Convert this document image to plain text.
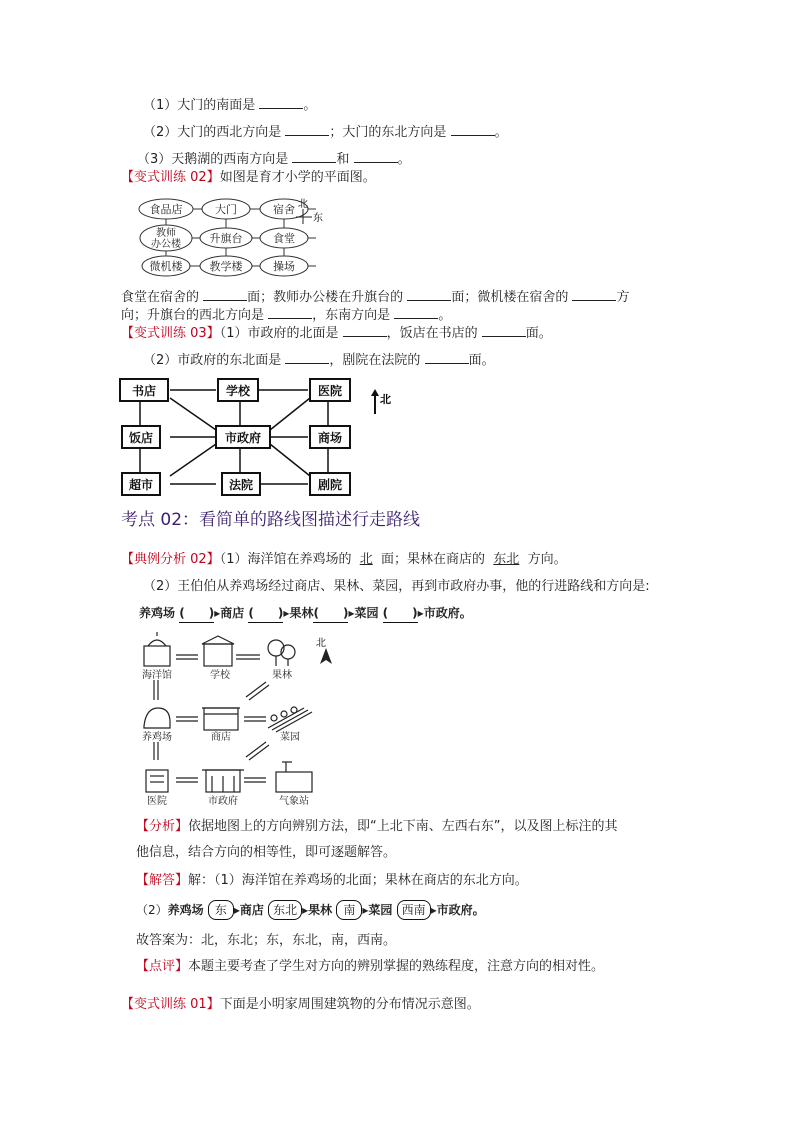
（1）大门的南面是	。
（2）大门的西北方向是	；大门的东北方向是	。
（3）天鹅湖的西南方向是	和	。
【变式训练 02】如图是育才小学的平面图。
食品店	大门	宿舍
教师
办公楼	升旗台	食堂
微机楼 教学楼	操场
北
东
食堂在宿舍的	面；教师办公楼在升旗台的	面；微机楼在宿舍的	方
向；升旗台的西北方向是	，东南方向是	。
【变式训练 03】（1）市政府的北面是	，饭店在书店的	面。
（2）市政府的东北面是	，剧院在法院的	面。
书店	学校	医院
饭店	市政府	商场
超市	法院	剧院
北
考点 02：看简单的路线图描述行走路线
【典例分析 02】（1）海洋馆在养鸡场的 北 面；果林在商店的 东北 方向。
（2）王伯伯从养鸡场经过商店、果林、菜园，再到市政府办事，他的行进路线和方向是:
养鸡场 (　　)▸商店 (　　)▸果林(　　)▸菜园 (　　)▸市政府。
海洋馆	学校	果林
养鸡场	商店	菜园
医院	市政府	气象站
北
【分析】依据地图上的方向辨别方法，即“上北下南、左西右东”，以及图上标注的其
他信息，结合方向的相等性，即可逐题解答。
【解答】解：（1）海洋馆在养鸡场的北面；果林在商店的东北方向。
（2）养鸡场 东 ▸商店 东北 ▸果林 南 ▸菜园 西南 ▸市政府。
故答案为：北，东北；东，东北，南，西南。
【点评】本题主要考查了学生对方向的辨别掌握的熟练程度，注意方向的相对性。
【变式训练 01】下面是小明家周围建筑物的分布情况示意图。
